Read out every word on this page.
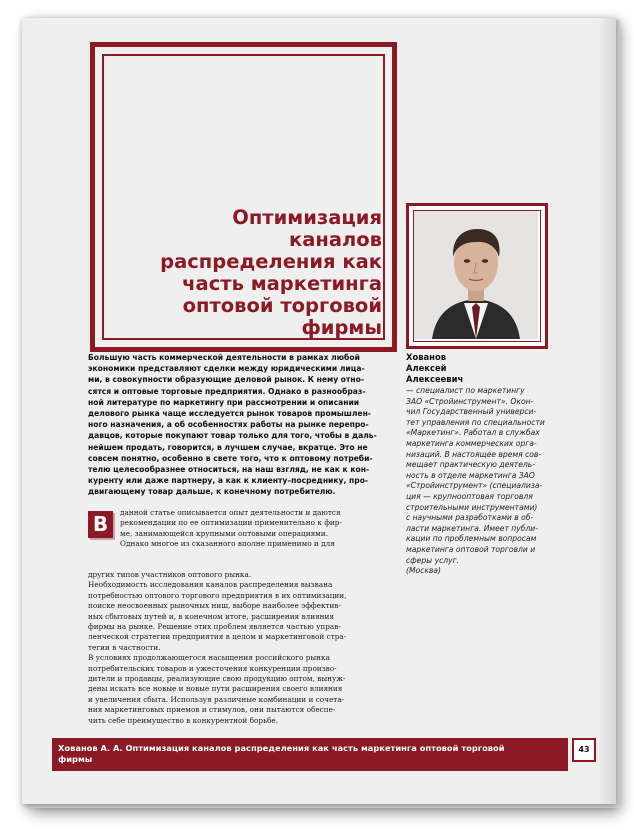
Оптимизация
каналов
распределения как
часть маркетинга
оптовой торговой
фирмы

Хованов
Алексей
Алексеевич

— специалист по маркетингу
ЗАО «Стройинструмент». Окон-
чил Государственный универси-
тет управления по специальности
«Маркетинг». Работал в службах
маркетинга коммерческих орга-
низаций. В настоящее время сов-
мещает практическую деятель-
ность в отделе маркетинга ЗАО
«Стройинструмент» (специализа-
ция — крупнооптовая торговля
строительными инструментами)
с научными разработками в об-
ласти маркетинга. Имеет публи-
кации по проблемным вопросам
маркетинга оптовой торговли и
сферы услуг.
(Москва)

Большую часть коммерческой деятельности в рамках любой
экономики представляют сделки между юридическими лица-
ми, в совокупности образующие деловой рынок. К нему отно-
сятся и оптовые торговые предприятия. Однако в разнообраз-
ной литературе по маркетингу при рассмотрении и описании
делового рынка чаще исследуется рынок товаров промышлен-
ного назначения, а об особенностях работы на рынке перепро-
давцов, которые покупают товар только для того, чтобы в даль-
нейшем продать, говорится, в лучшем случае, вкратце. Это не
совсем понятно, особенно в свете того, что к оптовому потреби-
телю целесообразнее относиться, на наш взгляд, не как к кон-
куренту или даже партнеру, а как к клиенту–посреднику, про-
двигающему товар дальше, к конечному потребителю.

В	данной статье описывается опыт деятельности и даются
рекомендации по ее оптимизации применительно к фир-
ме, занимающейся крупными оптовыми операциями.
Однако многое из сказанного вполне применимо и для

других типов участников оптового рынка.
Необходимость исследования каналов распределения вызвана
потребностью оптового торгового предприятия в их оптимизации,
поиске неосвоенных рыночных ниш, выборе наиболее эффектив-
ных сбытовых путей и, в конечном итоге, расширения влияния
фирмы на рынке. Решение этих проблем является частью управ-
ленческой стратегии предприятия в целом и маркетинговой стра-
тегии в частности.
В условиях продолжающегося насыщения российского рынка
потребительских товаров и ужесточения конкуренции произво-
дители и продавцы, реализующие свою продукцию оптом, вынуж-
дены искать все новые и новые пути расширения своего влияния
и увеличения сбыта. Используя различные комбинации и сочета-
ния маркетинговых приемов и стимулов, они пытаются обеспе-
чить себе преимущество в конкурентной борьбе.

Хованов А. А. Оптимизация каналов распределения как часть маркетинга оптовой торговой
фирмы

43
